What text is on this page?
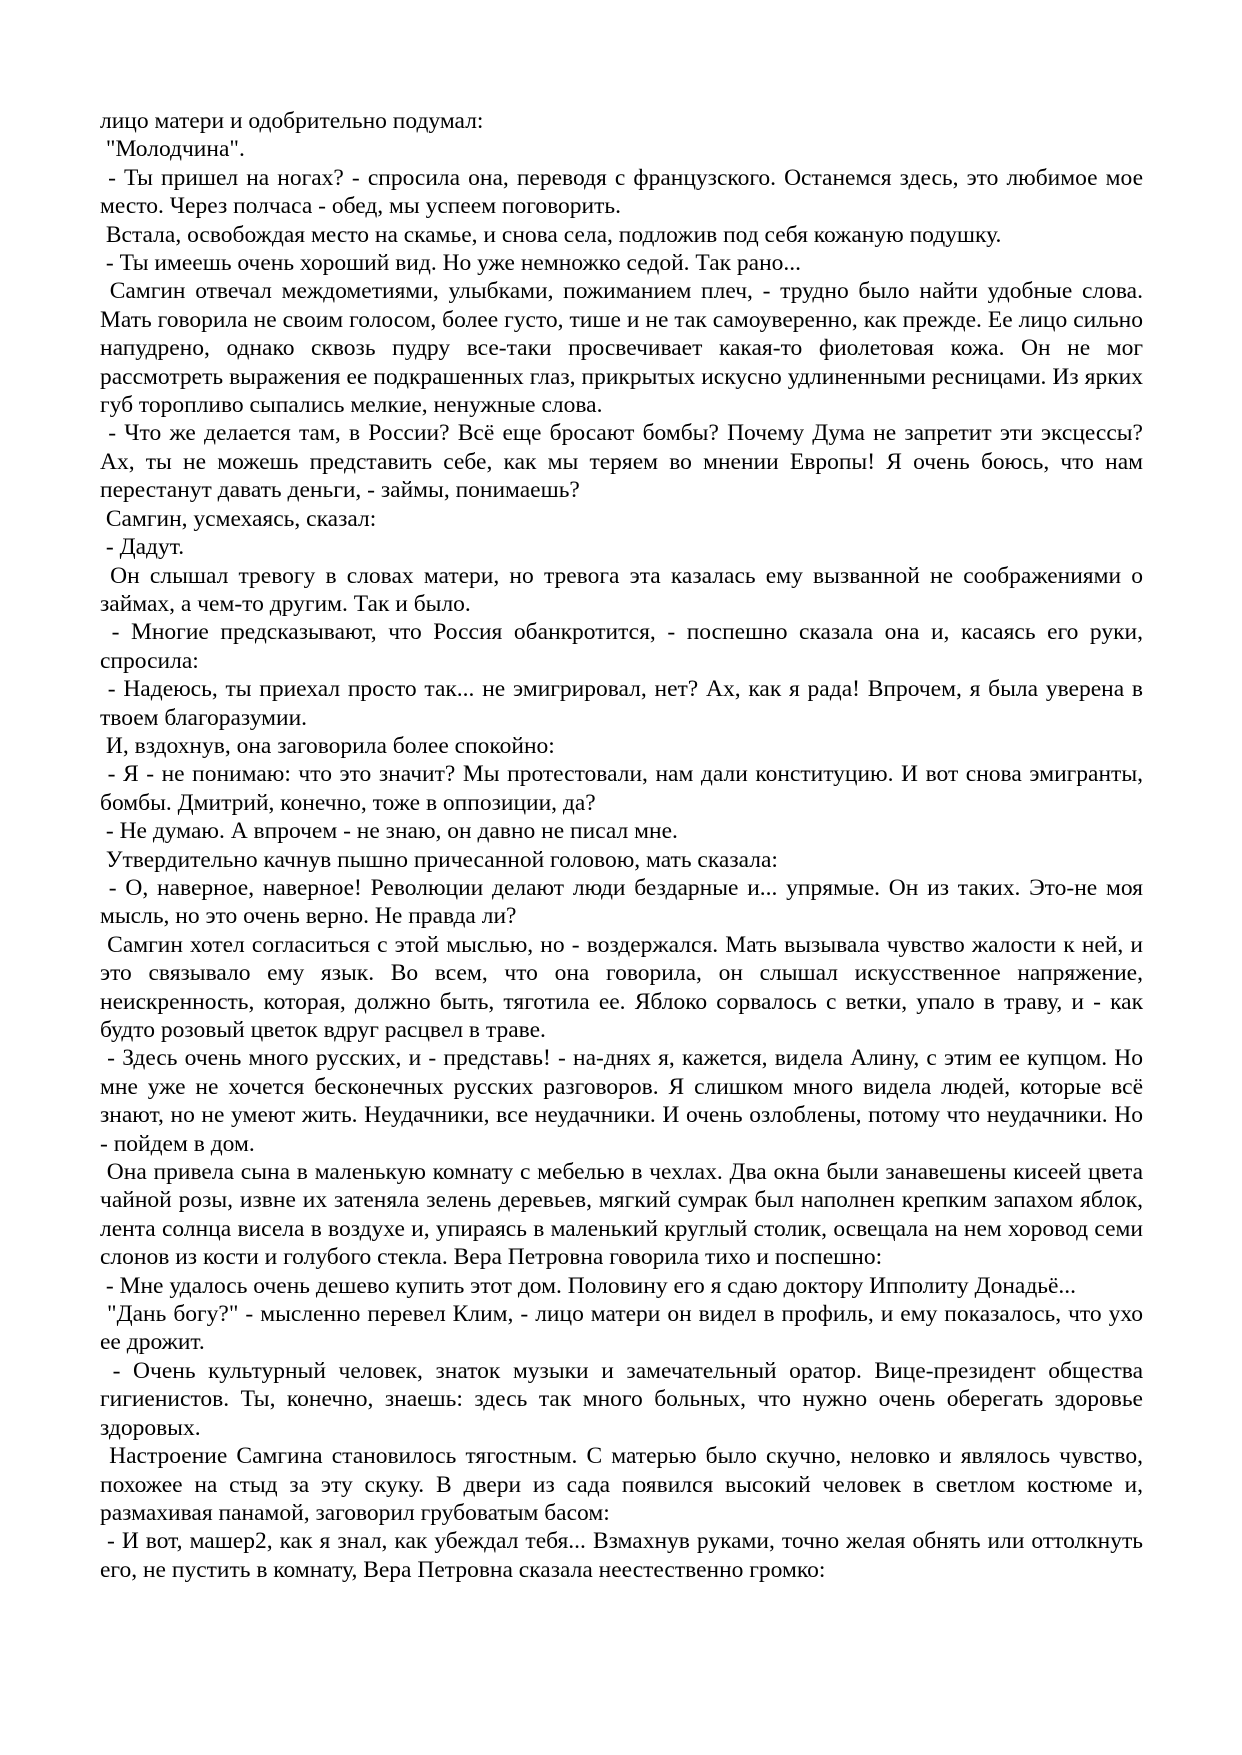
лицо матери и одобрительно подумал:

"Молодчина".

- Ты пришел на ногах? - спросила она, переводя с французского. Останемся здесь, это любимое мое место. Через полчаса - обед, мы успеем поговорить.

Встала, освобождая место на скамье, и снова села, подложив под себя кожаную подушку.

- Ты имеешь очень хороший вид. Но уже немножко седой. Так рано...

Самгин отвечал междометиями, улыбками, пожиманием плеч, - трудно было найти удобные слова. Мать говорила не своим голосом, более густо, тише и не так самоуверенно, как прежде. Ее лицо сильно напудрено, однако сквозь пудру все-таки просвечивает какая-то фиолетовая кожа. Он не мог рассмотреть выражения ее подкрашенных глаз, прикрытых искусно удлиненными ресницами. Из ярких губ торопливо сыпались мелкие, ненужные слова.

- Что же делается там, в России? Всё еще бросают бомбы? Почему Дума не запретит эти эксцессы? Ах, ты не можешь представить себе, как мы теряем во мнении Европы! Я очень боюсь, что нам перестанут давать деньги, - займы, понимаешь?

Самгин, усмехаясь, сказал:

- Дадут.

Он слышал тревогу в словах матери, но тревога эта казалась ему вызванной не соображениями о займах, а чем-то другим. Так и было.

- Многие предсказывают, что Россия обанкротится, - поспешно сказала она и, касаясь его руки, спросила:

- Надеюсь, ты приехал просто так... не эмигрировал, нет? Ах, как я рада! Впрочем, я была уверена в твоем благоразумии.

И, вздохнув, она заговорила более спокойно:

- Я - не понимаю: что это значит? Мы протестовали, нам дали конституцию. И вот снова эмигранты, бомбы. Дмитрий, конечно, тоже в оппозиции, да?

- Не думаю. А впрочем - не знаю, он давно не писал мне.

Утвердительно качнув пышно причесанной головою, мать сказала:

- О, наверное, наверное! Революции делают люди бездарные и... упрямые. Он из таких. Это-не моя мысль, но это очень верно. Не правда ли?

Самгин хотел согласиться с этой мыслью, но - воздержался. Мать вызывала чувство жалости к ней, и это связывало ему язык. Во всем, что она говорила, он слышал искусственное напряжение, неискренность, которая, должно быть, тяготила ее. Яблоко сорвалось с ветки, упало в траву, и - как будто розовый цветок вдруг расцвел в траве.

- Здесь очень много русских, и - представь! - на-днях я, кажется, видела Алину, с этим ее купцом. Но мне уже не хочется бесконечных русских разговоров. Я слишком много видела людей, которые всё знают, но не умеют жить. Неудачники, все неудачники. И очень озлоблены, потому что неудачники. Но - пойдем в дом.

Она привела сына в маленькую комнату с мебелью в чехлах. Два окна были занавешены кисеей цвета чайной розы, извне их затеняла зелень деревьев, мягкий сумрак был наполнен крепким запахом яблок, лента солнца висела в воздухе и, упираясь в маленький круглый столик, освещала на нем хоровод семи слонов из кости и голубого стекла. Вера Петровна говорила тихо и поспешно:

- Мне удалось очень дешево купить этот дом. Половину его я сдаю доктору Ипполиту Донадьё...

"Дань богу?" - мысленно перевел Клим, - лицо матери он видел в профиль, и ему показалось, что ухо ее дрожит.

- Очень культурный человек, знаток музыки и замечательный оратор. Вице-президент общества гигиенистов. Ты, конечно, знаешь: здесь так много больных, что нужно очень оберегать здоровье здоровых.

Настроение Самгина становилось тягостным. С матерью было скучно, неловко и являлось чувство, похожее на стыд за эту скуку. В двери из сада появился высокий человек в светлом костюме и, размахивая панамой, заговорил грубоватым басом:

- И вот, машер2, как я знал, как убеждал тебя... Взмахнув руками, точно желая обнять или оттолкнуть его, не пустить в комнату, Вера Петровна сказала неестественно громко:
